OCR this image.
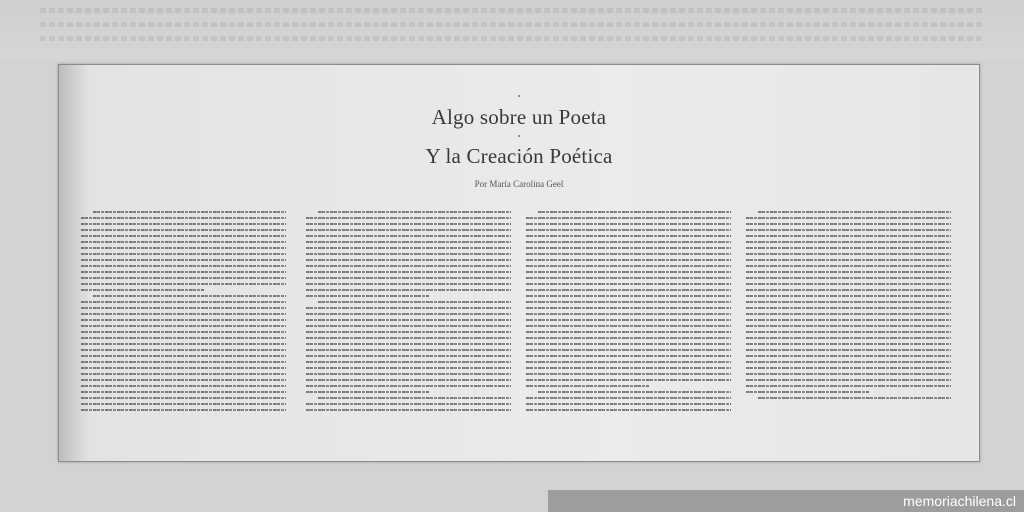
Algo sobre un Poeta
Y la Creación Poética
Por María Carolina Geel
memoriachilena.cl
